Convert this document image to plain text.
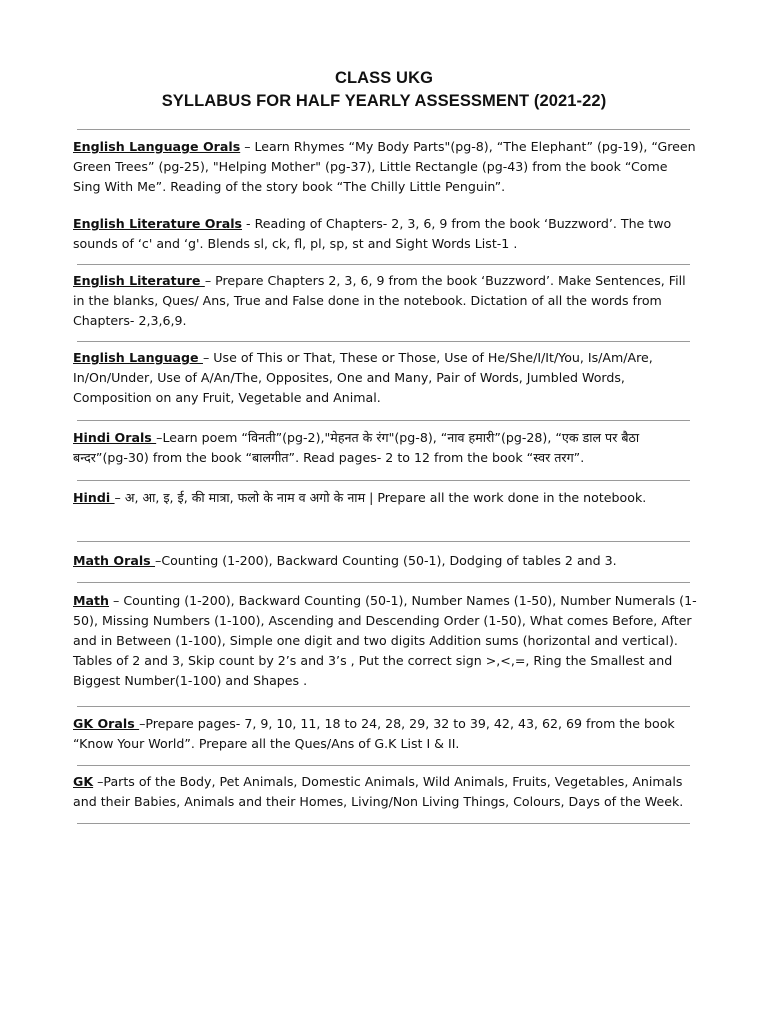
CLASS UKG
SYLLABUS FOR HALF YEARLY ASSESSMENT (2021-22)
English Language Orals – Learn Rhymes “My Body Parts"(pg-8), “The Elephant” (pg-19), “Green Green Trees” (pg-25), "Helping Mother" (pg-37), Little Rectangle (pg-43) from the book “Come Sing With Me”. Reading of the story book “The Chilly Little Penguin”.
English Literature Orals - Reading of Chapters- 2, 3, 6, 9 from the book ‘Buzzword’. The two sounds of ‘c' and ‘g'. Blends sl, ck, fl, pl, sp, st and Sight Words List-1 .
English Literature – Prepare Chapters 2, 3, 6, 9 from the book ‘Buzzword’. Make Sentences, Fill in the blanks, Ques/ Ans, True and False done in the notebook. Dictation of all the words from Chapters- 2,3,6,9.
English Language – Use of This or That, These or Those, Use of He/She/I/It/You, Is/Am/Are, In/On/Under, Use of A/An/The, Opposites, One and Many, Pair of Words, Jumbled Words, Composition on any Fruit, Vegetable and Animal.
Hindi Orals –Learn poem “विनती”(pg-2),"मेहनत के रंग"(pg-8), “नाव हमारी”(pg-28), “एक डाल पर बैठा बन्दर”(pg-30) from the book “बालगीत”. Read pages- 2 to 12 from the book “स्वर तरग”.
Hindi – अ, आ, इ, ई, की मात्रा, फलो के नाम व अगो के नाम | Prepare all the work done in the notebook.
Math Orals –Counting (1-200), Backward Counting (50-1), Dodging of tables 2 and 3.
Math – Counting (1-200), Backward Counting (50-1), Number Names (1-50), Number Numerals (1-50), Missing Numbers (1-100), Ascending and Descending Order (1-50), What comes Before, After and in Between (1-100), Simple one digit and two digits Addition sums (horizontal and vertical). Tables of 2 and 3, Skip count by 2’s and 3’s , Put the correct sign >,<,=, Ring the Smallest and Biggest Number(1-100) and Shapes .
GK Orals –Prepare pages- 7, 9, 10, 11, 18 to 24, 28, 29, 32 to 39, 42, 43, 62, 69 from the book “Know Your World”. Prepare all the Ques/Ans of G.K List I & II.
GK –Parts of the Body, Pet Animals, Domestic Animals, Wild Animals, Fruits, Vegetables, Animals and their Babies, Animals and their Homes, Living/Non Living Things, Colours, Days of the Week.
